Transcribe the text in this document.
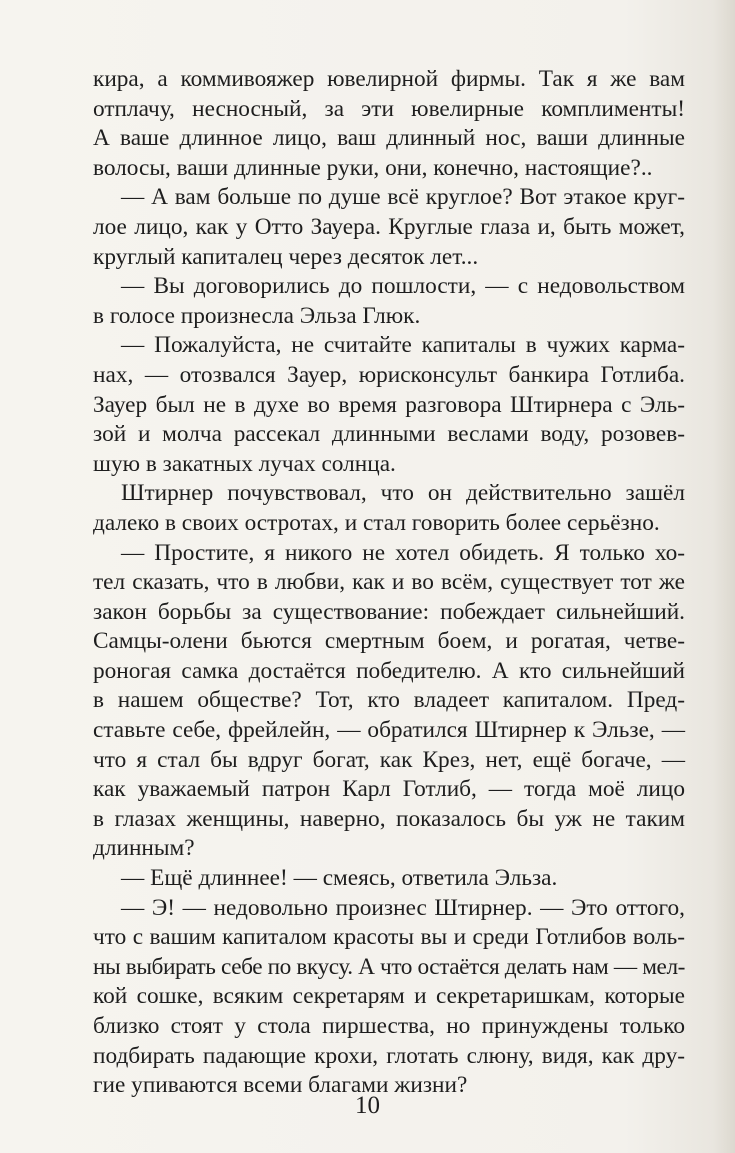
кира, а коммивояжер ювелирной фирмы. Так я же вам
отплачу, несносный, за эти ювелирные комплименты!
А ваше длинное лицо, ваш длинный нос, ваши длинные
волосы, ваши длинные руки, они, конечно, настоящие?..
— А вам больше по душе всё круглое? Вот этакое круг-
лое лицо, как у Отто Зауера. Круглые глаза и, быть может,
круглый капиталец через десяток лет...
— Вы договорились до пошлости, — с недовольством
в голосе произнесла Эльза Глюк.
— Пожалуйста, не считайте капиталы в чужих карма-
нах, — отозвался Зауер, юрисконсульт банкира Готлиба.
Зауер был не в духе во время разговора Штирнера с Эль-
зой и молча рассекал длинными веслами воду, розовев-
шую в закатных лучах солнца.
Штирнер почувствовал, что он действительно зашёл
далеко в своих остротах, и стал говорить более серьёзно.
— Простите, я никого не хотел обидеть. Я только хо-
тел сказать, что в любви, как и во всём, существует тот же
закон борьбы за существование: побеждает сильнейший.
Самцы-олени бьются смертным боем, и рогатая, четве-
роногая самка достаётся победителю. А кто сильнейший
в нашем обществе? Тот, кто владеет капиталом. Пред-
ставьте себе, фрейлейн, — обратился Штирнер к Эльзе, —
что я стал бы вдруг богат, как Крез, нет, ещё богаче, —
как уважаемый патрон Карл Готлиб, — тогда моё лицо
в глазах женщины, наверно, показалось бы уж не таким
длинным?
— Ещё длиннее! — смеясь, ответила Эльза.
— Э! — недовольно произнес Штирнер. — Это оттого,
что с вашим капиталом красоты вы и среди Готлибов воль-
ны выбирать себе по вкусу. А что остаётся делать нам — мел-
кой сошке, всяким секретарям и секретаришкам, которые
близко стоят у стола пиршества, но принуждены только
подбирать падающие крохи, глотать слюну, видя, как дру-
гие упиваются всеми благами жизни?
10
